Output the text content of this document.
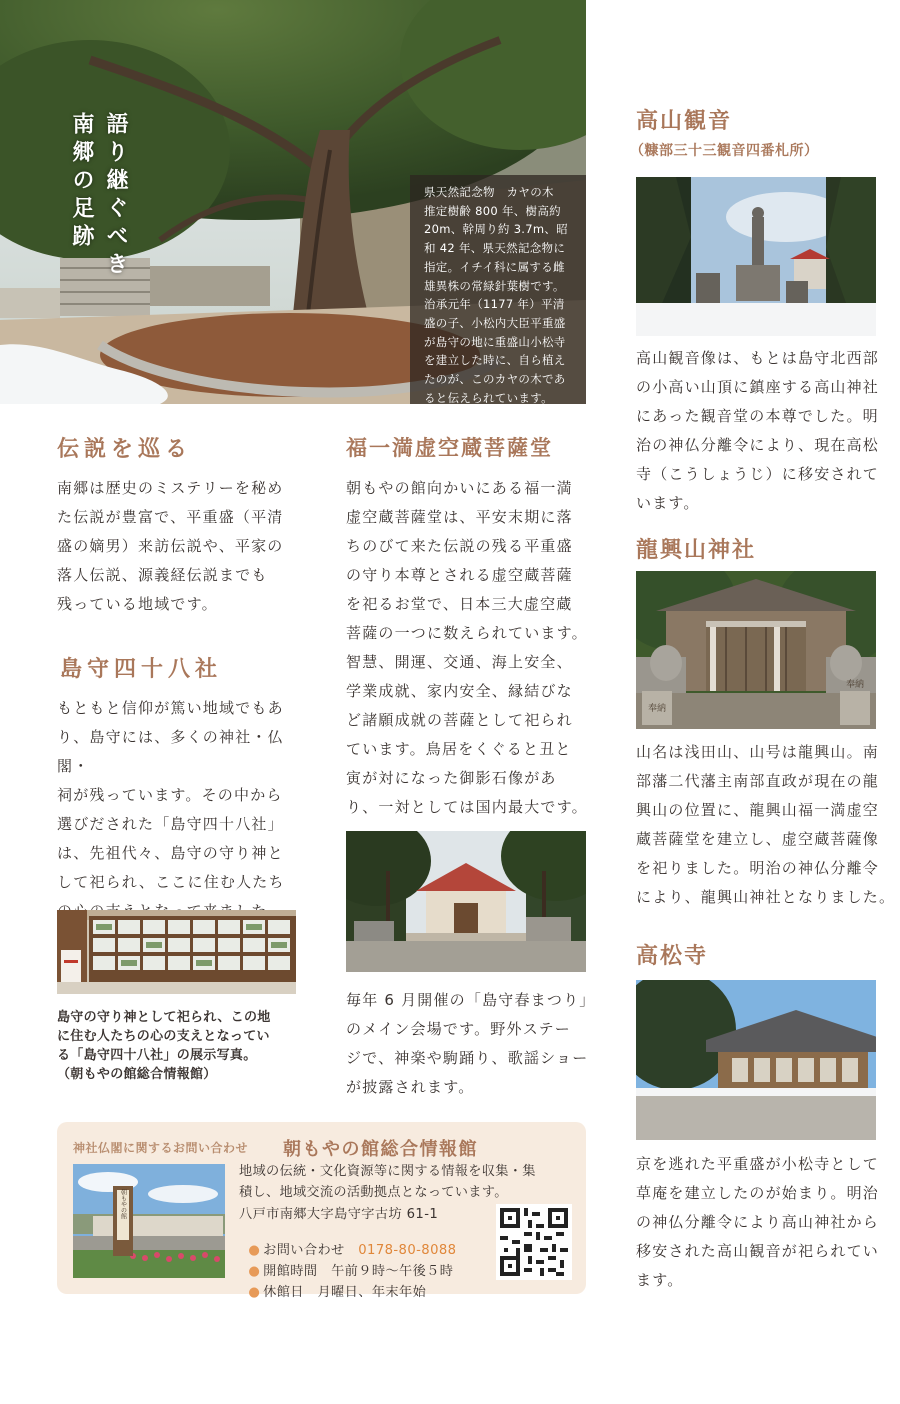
語り継ぐべき
南郷の足跡	県天然記念物　カヤの木
推定樹齢 800 年、樹高約
20m、幹周り約 3.7m、昭
和 42 年、県天然記念物に
指定。イチイ科に属する雌
雄異株の常緑針葉樹です。
治承元年（1177 年）平清
盛の子、小松内大臣平重盛
が島守の地に重盛山小松寺
を建立した時に、自ら植え
たのが、このカヤの木であ
ると伝えられています。
伝説を巡る
南郷は歴史のミステリーを秘め
た伝説が豊富で、平重盛（平清
盛の嫡男）来訪伝説や、平家の
落人伝説、源義経伝説までも
残っている地域です。
島守四十八社
もともと信仰が篤い地域でもあ
り、島守には、多くの神社・仏閣・
祠が残っています。その中から
選びだされた「島守四十八社」
は、先祖代々、島守の守り神と
して祀られ、ここに住む人たち

島守の守り神として祀られ、この地
に住む人たちの心の支えとなってい
る「島守四十八社」の展示写真。
（朝もやの館総合情報館）
福一満虚空蔵菩薩堂
朝もやの館向かいにある福一満
虚空蔵菩薩堂は、平安末期に落
ちのびて来た伝説の残る平重盛
の守り本尊とされる虚空蔵菩薩
を祀るお堂で、日本三大虚空蔵
菩薩の一つに数えられています。
智慧、開運、交通、海上安全、
学業成就、家内安全、縁結びな
ど諸願成就の菩薩として祀られ
ています。鳥居をくぐると丑と
寅が対になった御影石像があ
り、一対としては国内最大です。
毎年 6 月開催の「島守春まつり」
のメイン会場です。野外ステー
ジで、神楽や駒踊り、歌謡ショー
が披露されます。
神社仏閣に関するお問い合わせ 朝もやの館総合情報館
朝もやの館
地域の伝統・文化資源等に関する情報を収集・集
積し、地域交流の活動拠点となっています。
八戸市南郷大字島守字古坊 61-1

● お問い合わせ　 0178-80-8088

● 開館時間　 午前９時～午後５時

● 休館日　 月曜日、年末年始

高山観音
（糠部三十三観音四番札所）
高山観音像は、もとは島守北西部
の小高い山頂に鎮座する高山神社
にあった観音堂の本尊でした。明
治の神仏分離令により、現在高松
寺（こうしょうじ）に移安されて
います。
龍興山神社
奉納
奉納
山名は浅田山、山号は龍興山。南
部藩二代藩主南部直政が現在の龍
興山の位置に、龍興山福一満虚空
蔵菩薩堂を建立し、虚空蔵菩薩像
を祀りました。明治の神仏分離令
により、龍興山神社となりました。
高松寺
京を逃れた平重盛が小松寺として
草庵を建立したのが始まり。明治
の神仏分離令により高山神社から
移安された高山観音が祀られてい
ます。
